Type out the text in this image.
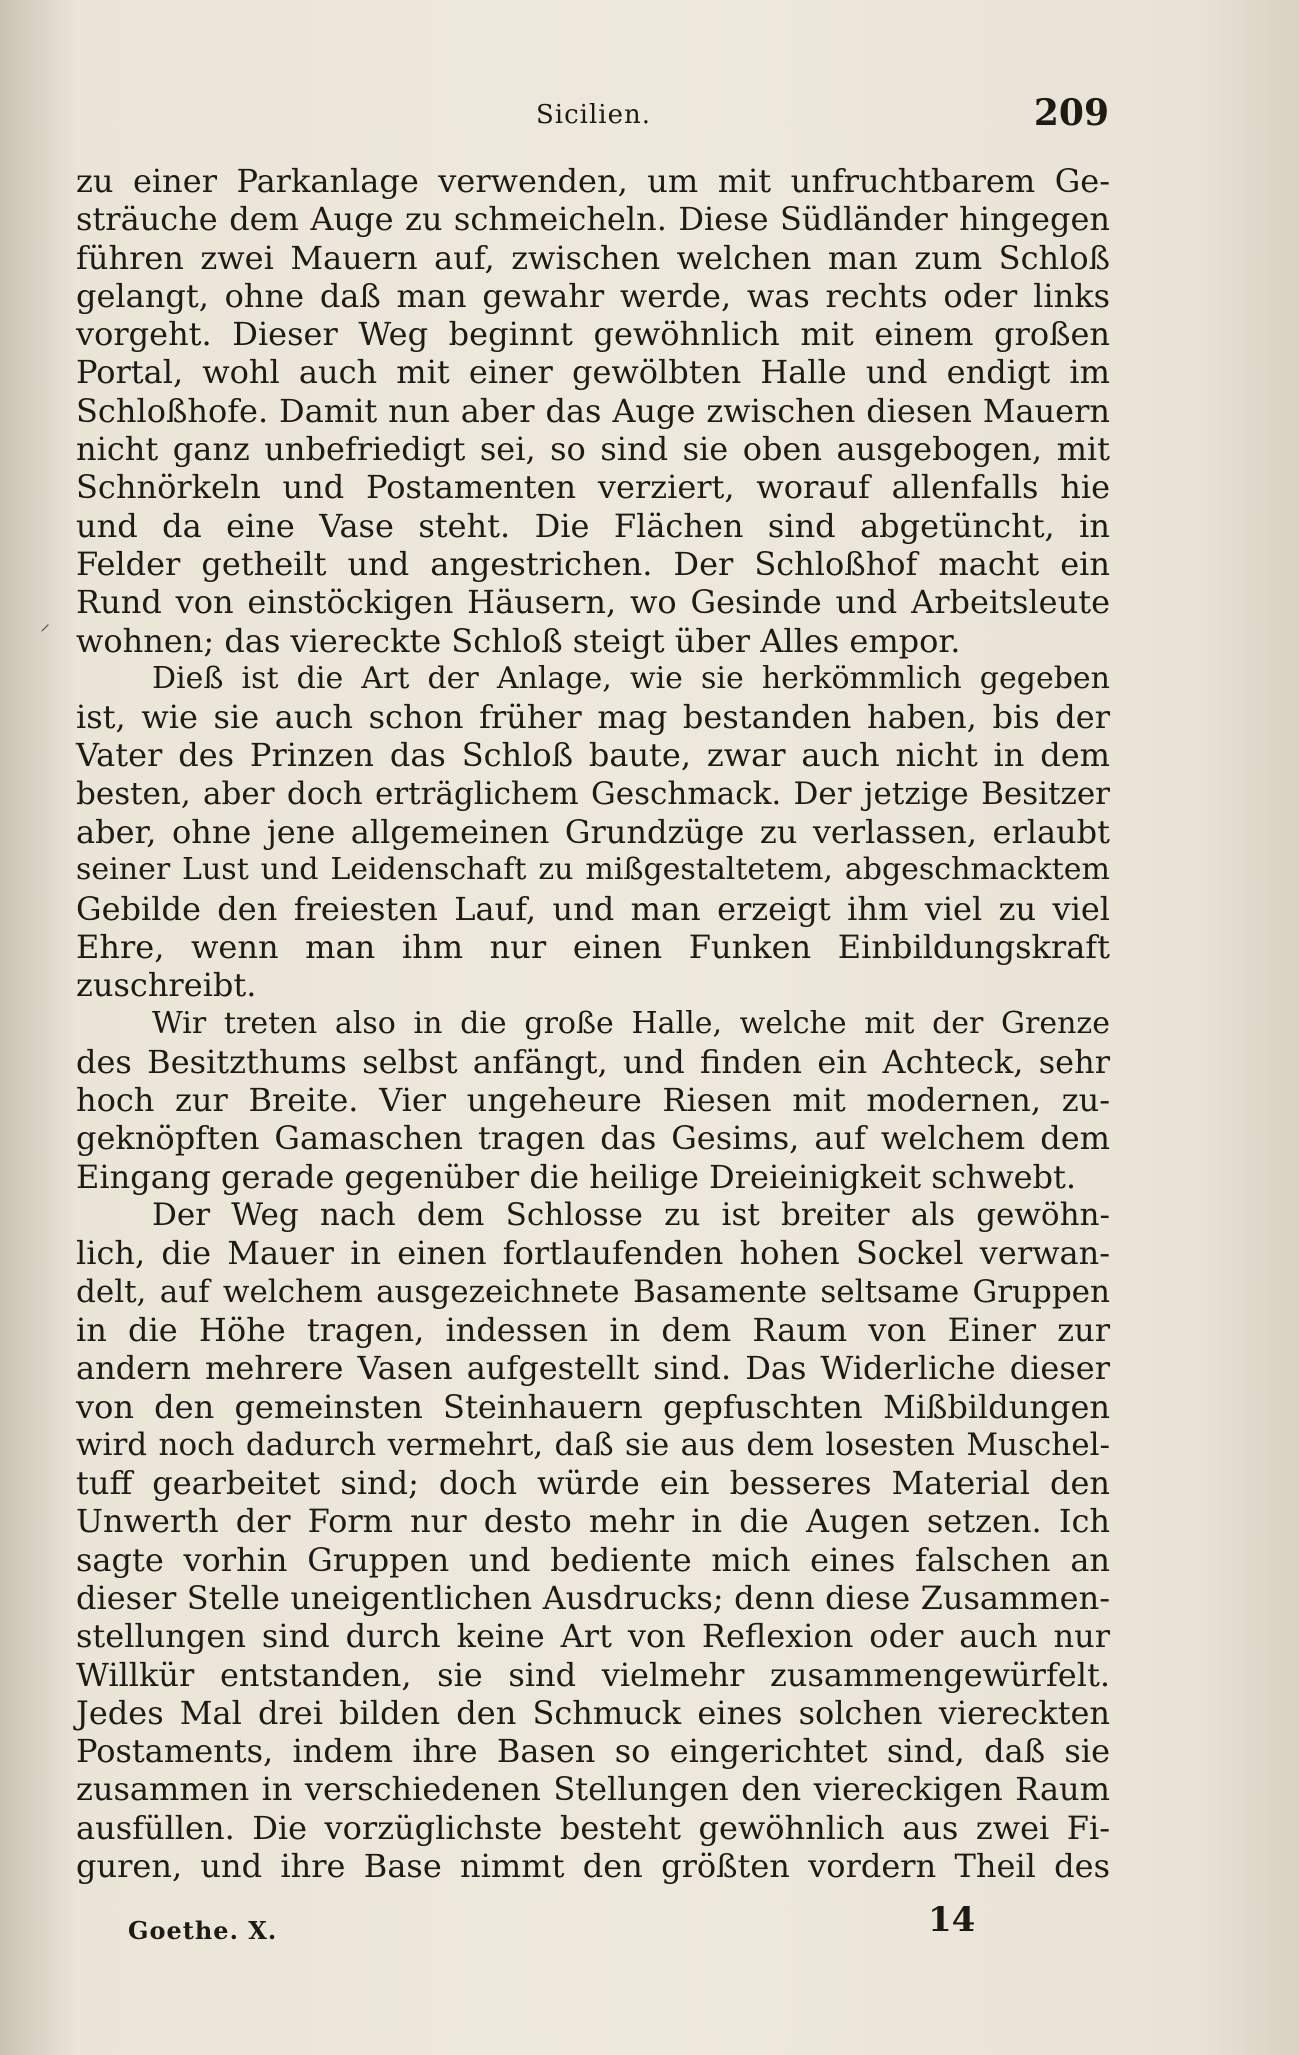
Sicilien.	209
⸝
zu einer Parkanlage verwenden, um mit unfruchtbarem Ge-
sträuche dem Auge zu schmeicheln. Diese Südländer hingegen
führen zwei Mauern auf, zwischen welchen man zum Schloß
gelangt, ohne daß man gewahr werde, was rechts oder links
vorgeht. Dieser Weg beginnt gewöhnlich mit einem großen
Portal, wohl auch mit einer gewölbten Halle und endigt im
Schloßhofe. Damit nun aber das Auge zwischen diesen Mauern
nicht ganz unbefriedigt sei, so sind sie oben ausgebogen, mit
Schnörkeln und Postamenten verziert, worauf allenfalls hie
und da eine Vase steht. Die Flächen sind abgetüncht, in
Felder getheilt und angestrichen. Der Schloßhof macht ein
Rund von einstöckigen Häusern, wo Gesinde und Arbeitsleute
wohnen; das viereckte Schloß steigt über Alles empor.
Dieß ist die Art der Anlage, wie sie herkömmlich gegeben
ist, wie sie auch schon früher mag bestanden haben, bis der
Vater des Prinzen das Schloß baute, zwar auch nicht in dem
besten, aber doch erträglichem Geschmack. Der jetzige Besitzer
aber, ohne jene allgemeinen Grundzüge zu verlassen, erlaubt
seiner Lust und Leidenschaft zu mißgestaltetem, abgeschmacktem
Gebilde den freiesten Lauf, und man erzeigt ihm viel zu viel
Ehre, wenn man ihm nur einen Funken Einbildungskraft
zuschreibt.
Wir treten also in die große Halle, welche mit der Grenze
des Besitzthums selbst anfängt, und finden ein Achteck, sehr
hoch zur Breite. Vier ungeheure Riesen mit modernen, zu-
geknöpften Gamaschen tragen das Gesims, auf welchem dem
Eingang gerade gegenüber die heilige Dreieinigkeit schwebt.
Der Weg nach dem Schlosse zu ist breiter als gewöhn-
lich, die Mauer in einen fortlaufenden hohen Sockel verwan-
delt, auf welchem ausgezeichnete Basamente seltsame Gruppen
in die Höhe tragen, indessen in dem Raum von Einer zur
andern mehrere Vasen aufgestellt sind. Das Widerliche dieser
von den gemeinsten Steinhauern gepfuschten Mißbildungen
wird noch dadurch vermehrt, daß sie aus dem losesten Muschel-
tuff gearbeitet sind; doch würde ein besseres Material den
Unwerth der Form nur desto mehr in die Augen setzen. Ich
sagte vorhin Gruppen und bediente mich eines falschen an
dieser Stelle uneigentlichen Ausdrucks; denn diese Zusammen-
stellungen sind durch keine Art von Reflexion oder auch nur
Willkür entstanden, sie sind vielmehr zusammengewürfelt.
Jedes Mal drei bilden den Schmuck eines solchen viereckten
Postaments, indem ihre Basen so eingerichtet sind, daß sie
zusammen in verschiedenen Stellungen den viereckigen Raum
ausfüllen. Die vorzüglichste besteht gewöhnlich aus zwei Fi-
guren, und ihre Base nimmt den größten vordern Theil des
Goethe. X.	14
